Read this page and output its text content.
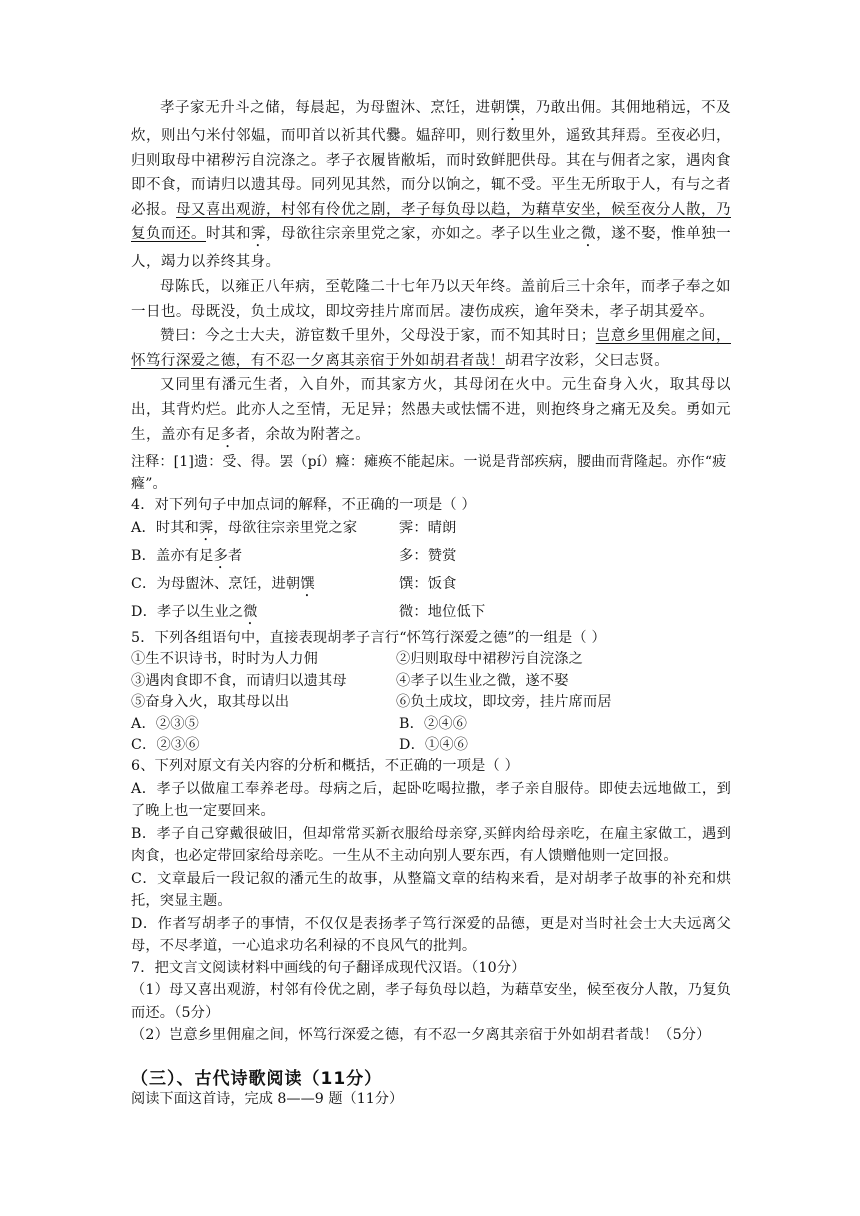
孝子家无升斗之储，每晨起，为母盥沐、烹饪，进朝馔，乃敢出佣。其佣地稍远，不及炊，则出勺米付邻媪，而叩首以祈其代爨。媪辞叩，则行数里外，遥致其拜焉。至夜必归，归则取母中裙秽污自浣涤之。孝子衣履皆敝垢，而时致鲜肥供母。其在与佣者之家，遇肉食即不食，而请归以遗其母。同列见其然，而分以饷之，辄不受。平生无所取于人，有与之者必报。母又喜出观游，村邻有伶优之剧，孝子每负母以趋，为藉草安坐，候至夜分人散，乃复负而还。时其和霁，母欲往宗亲里党之家，亦如之。孝子以生业之微，遂不娶，惟单独一人，竭力以养终其身。

母陈氏，以雍正八年病，至乾隆二十七年乃以天年终。盖前后三十余年，而孝子奉之如一日也。母既没，负土成坟，即坟旁挂片席而居。凄伤成疾，逾年癸未，孝子胡其爱卒。

赞曰：今之士大夫，游宦数千里外，父母没于家，而不知其时日；岂意乡里佣雇之间，怀笃行深爱之德，有不忍一夕离其亲宿于外如胡君者哉！胡君字汝彩，父曰志贤。

又同里有潘元生者，入自外，而其家方火，其母闭在火中。元生奋身入火，取其母以出，其背灼烂。此亦人之至情，无足异；然愚夫或怯懦不进，则抱终身之痛无及矣。勇如元生，盖亦有足多者，余故为附著之。

注释：[1]遗：受、得。罢（pí）癃：瘫痪不能起床。一说是背部疾病，腰曲而背隆起。亦作“疲癃”。

4．对下列句子中加点词的解释，不正确的一项是（ ）

A．时其和霁，母欲往宗亲里党之家	霁：晴朗
B．盖亦有足多者	多：赞赏
C．为母盥沐、烹饪，进朝馔	馔：饭食
D．孝子以生业之微	微：地位低下

5．下列各组语句中，直接表现胡孝子言行“怀笃行深爱之德”的一组是（ ）

①生不识诗书，时时为人力佣	②归则取母中裙秽污自浣涤之
③遇肉食即不食，而请归以遗其母	④孝子以生业之微，遂不娶
⑤奋身入火，取其母以出	⑥负土成坟，即坟旁，挂片席而居
A．②③⑤	B．②④⑥
C．②③⑥	D．①④⑥

6、下列对原文有关内容的分析和概括，不正确的一项是（ ）

A．孝子以做雇工奉养老母。母病之后，起卧吃喝拉撒，孝子亲自服侍。即使去远地做工，到了晚上也一定要回来。

B．孝子自己穿戴很破旧，但却常常买新衣服给母亲穿,买鲜肉给母亲吃，在雇主家做工，遇到肉食，也必定带回家给母亲吃。一生从不主动向别人要东西，有人馈赠他则一定回报。

C．文章最后一段记叙的潘元生的故事，从整篇文章的结构来看，是对胡孝子故事的补充和烘托，突显主题。

D．作者写胡孝子的事情，不仅仅是表扬孝子笃行深爱的品德，更是对当时社会士大夫远离父母，不尽孝道，一心追求功名利禄的不良风气的批判。

7．把文言文阅读材料中画线的句子翻译成现代汉语。（10分）

（1）母又喜出观游，村邻有伶优之剧，孝子每负母以趋，为藉草安坐，候至夜分人散，乃复负而还。（5分）

（2）岂意乡里佣雇之间，怀笃行深爱之德，有不忍一夕离其亲宿于外如胡君者哉！（5分）

（三）、古代诗歌阅读（11分）
阅读下面这首诗，完成 8——9 题（11分）
